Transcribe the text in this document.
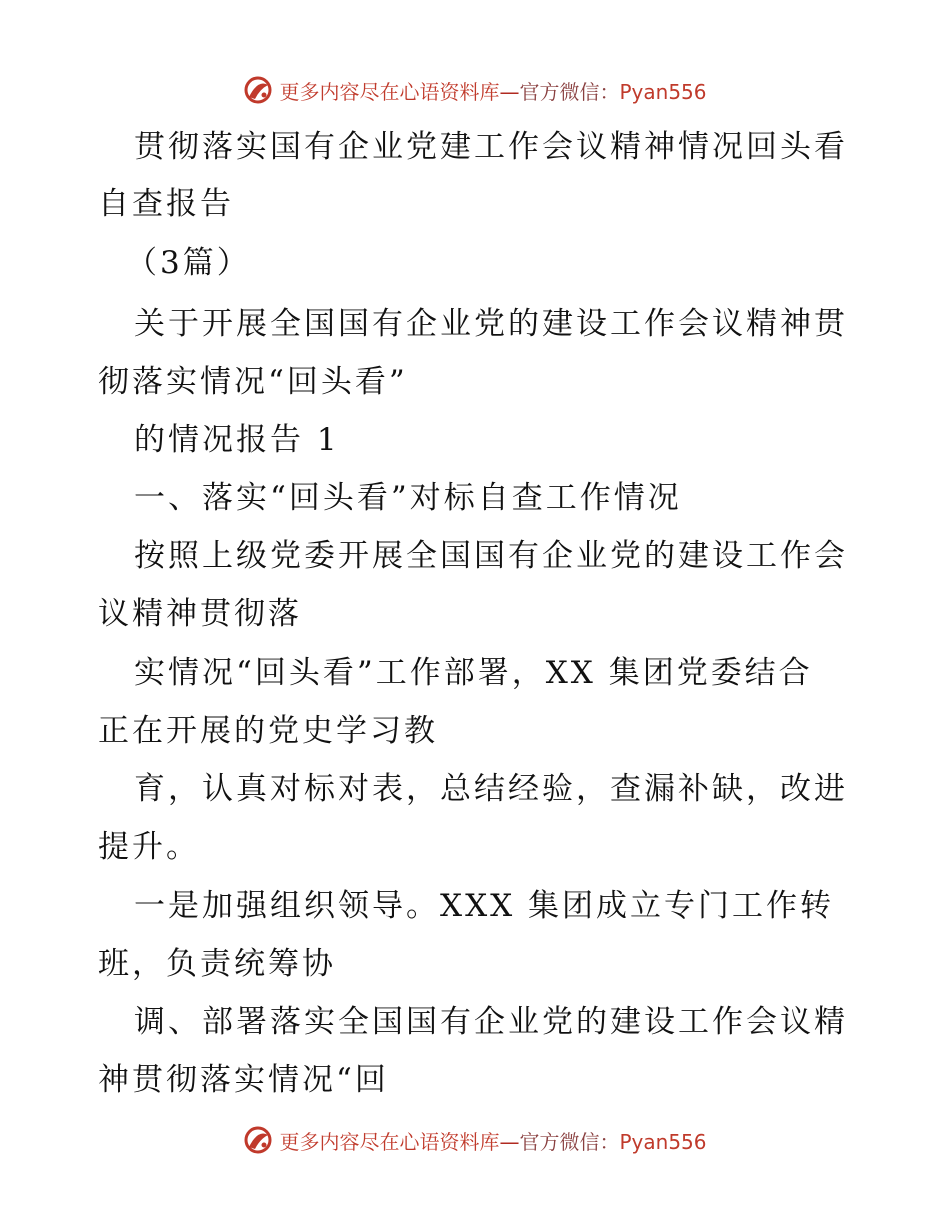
更多内容尽在心语资料库—官方微信：Pyan556
贯彻落实国有企业党建工作会议精神情况回头看
自查报告
（3篇）
关于开展全国国有企业党的建设工作会议精神贯
彻落实情况“回头看”
的情况报告 1
一、落实“回头看”对标自查工作情况
按照上级党委开展全国国有企业党的建设工作会
议精神贯彻落
实情况“回头看”工作部署，XX 集团党委结合
正在开展的党史学习教
育，认真对标对表，总结经验，查漏补缺，改进
提升。
一是加强组织领导。XXX 集团成立专门工作转
班，负责统筹协
调、部署落实全国国有企业党的建设工作会议精
神贯彻落实情况“回
更多内容尽在心语资料库—官方微信：Pyan556
